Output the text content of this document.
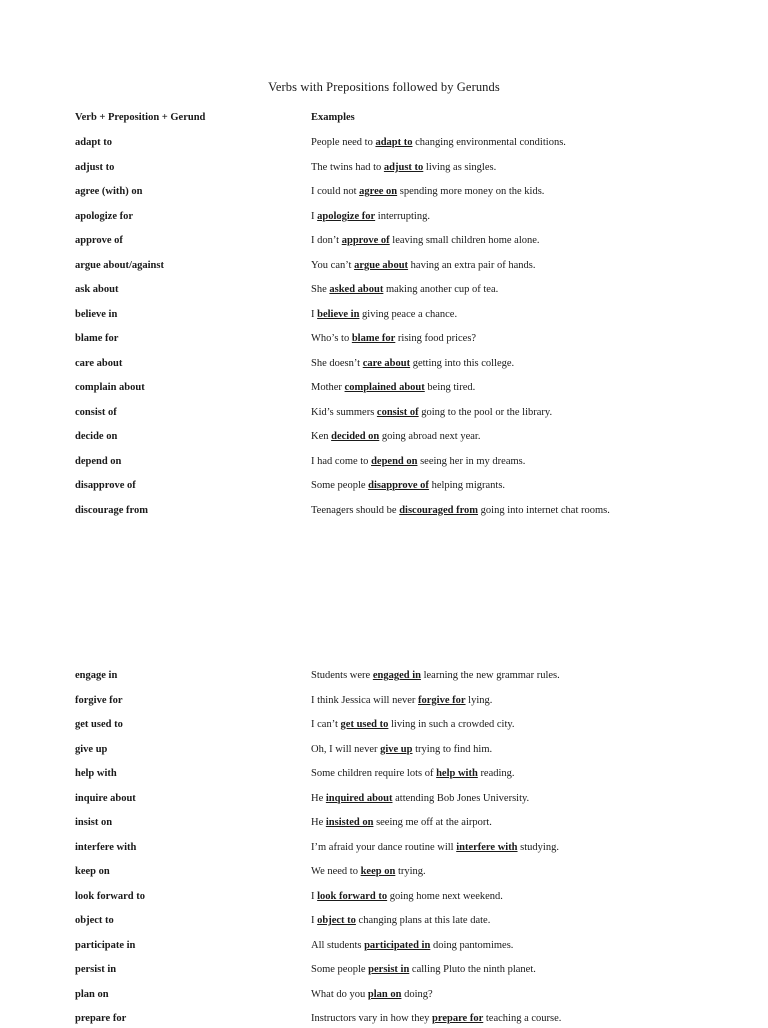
Verbs with Prepositions followed by Gerunds
Verb + Preposition + Gerund	Examples
adapt to	People need to adapt to changing environmental conditions.
adjust to	The twins had to adjust to living as singles.
agree (with) on	I could not agree on spending more money on the kids.
apologize for	I apologize for interrupting.
approve of	I don’t approve of leaving small children home alone.
argue about/against	You can’t argue about having an extra pair of hands.
ask about	She asked about making another cup of tea.
believe in	I believe in giving peace a chance.
blame for	Who’s to blame for rising food prices?
care about	She doesn’t care about getting into this college.
complain about	Mother complained about being tired.
consist of	Kid’s summers consist of going to the pool or the library.
decide on	Ken decided on going abroad next year.
depend on	I had come to depend on seeing her in my dreams.
disapprove of	Some people disapprove of helping migrants.
discourage from	Teenagers should be discouraged from going into internet chat rooms.
engage in	Students were engaged in learning the new grammar rules.
forgive for	I think Jessica will never forgive for lying.
get used to	I can’t get used to living in such a crowded city.
give up	Oh, I will never give up trying to find him.
help with	Some children require lots of help with reading.
inquire about	He inquired about attending Bob Jones University.
insist on	He insisted on seeing me off at the airport.
interfere with	I’m afraid your dance routine will interfere with studying.
keep on	We need to keep on trying.
look forward to	I look forward to going home next weekend.
object to	I object to changing plans at this late date.
participate in	All students participated in doing pantomimes.
persist in	Some people persist in calling Pluto the ninth planet.
plan on	What do you plan on doing?
prepare for	Instructors vary in how they prepare for teaching a course.
